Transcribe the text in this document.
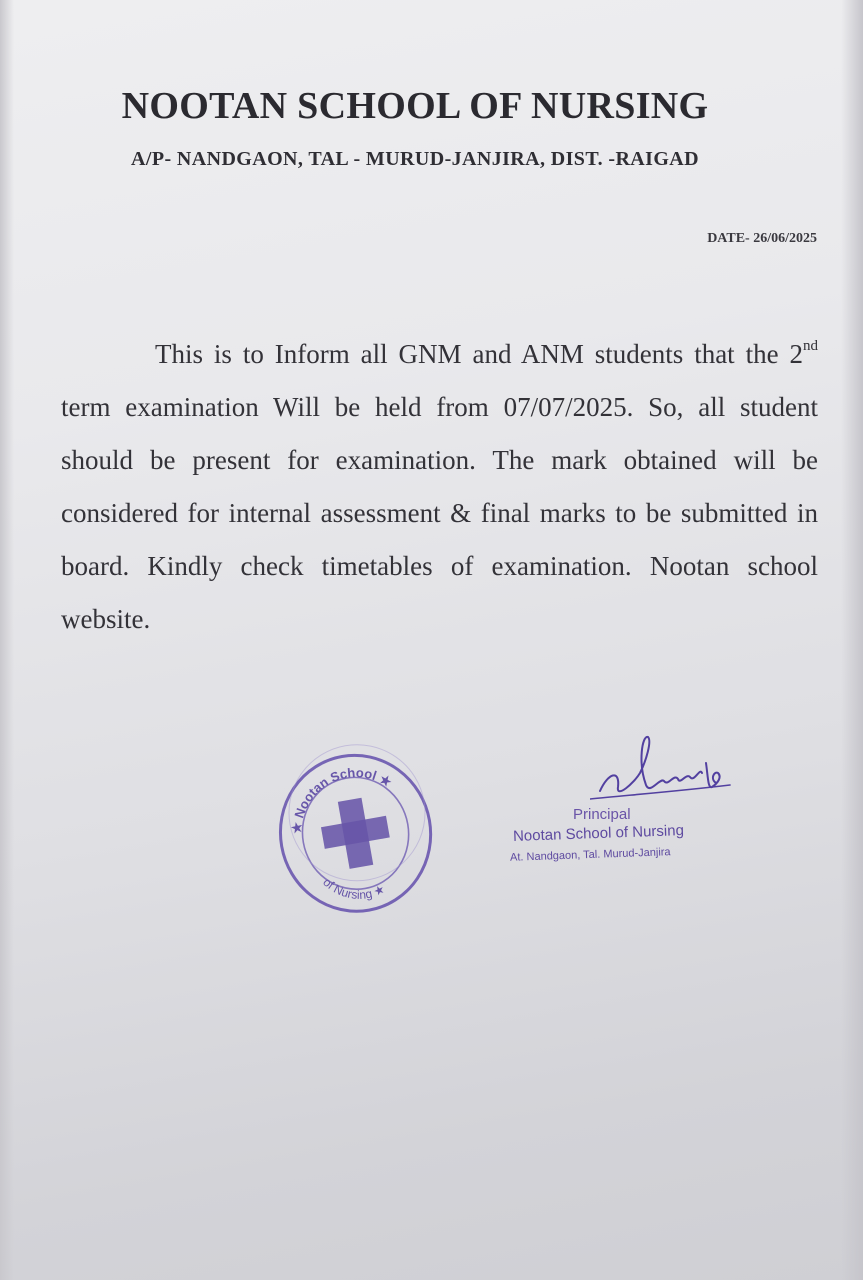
NOOTAN SCHOOL OF NURSING
A/P- NANDGAON, TAL - MURUD-JANJIRA, DIST. -RAIGAD
DATE- 26/06/2025
This is to Inform all GNM and ANM students that the 2nd term examination Will be held from 07/07/2025. So, all student should be present for examination. The mark obtained will be considered for internal assessment & final marks to be submitted in board. Kindly check timetables of examination. Nootan school website.
★ Nootan School ★
of Nursing ★
Principal
Nootan School of Nursing
At. Nandgaon, Tal. Murud-Janjira
